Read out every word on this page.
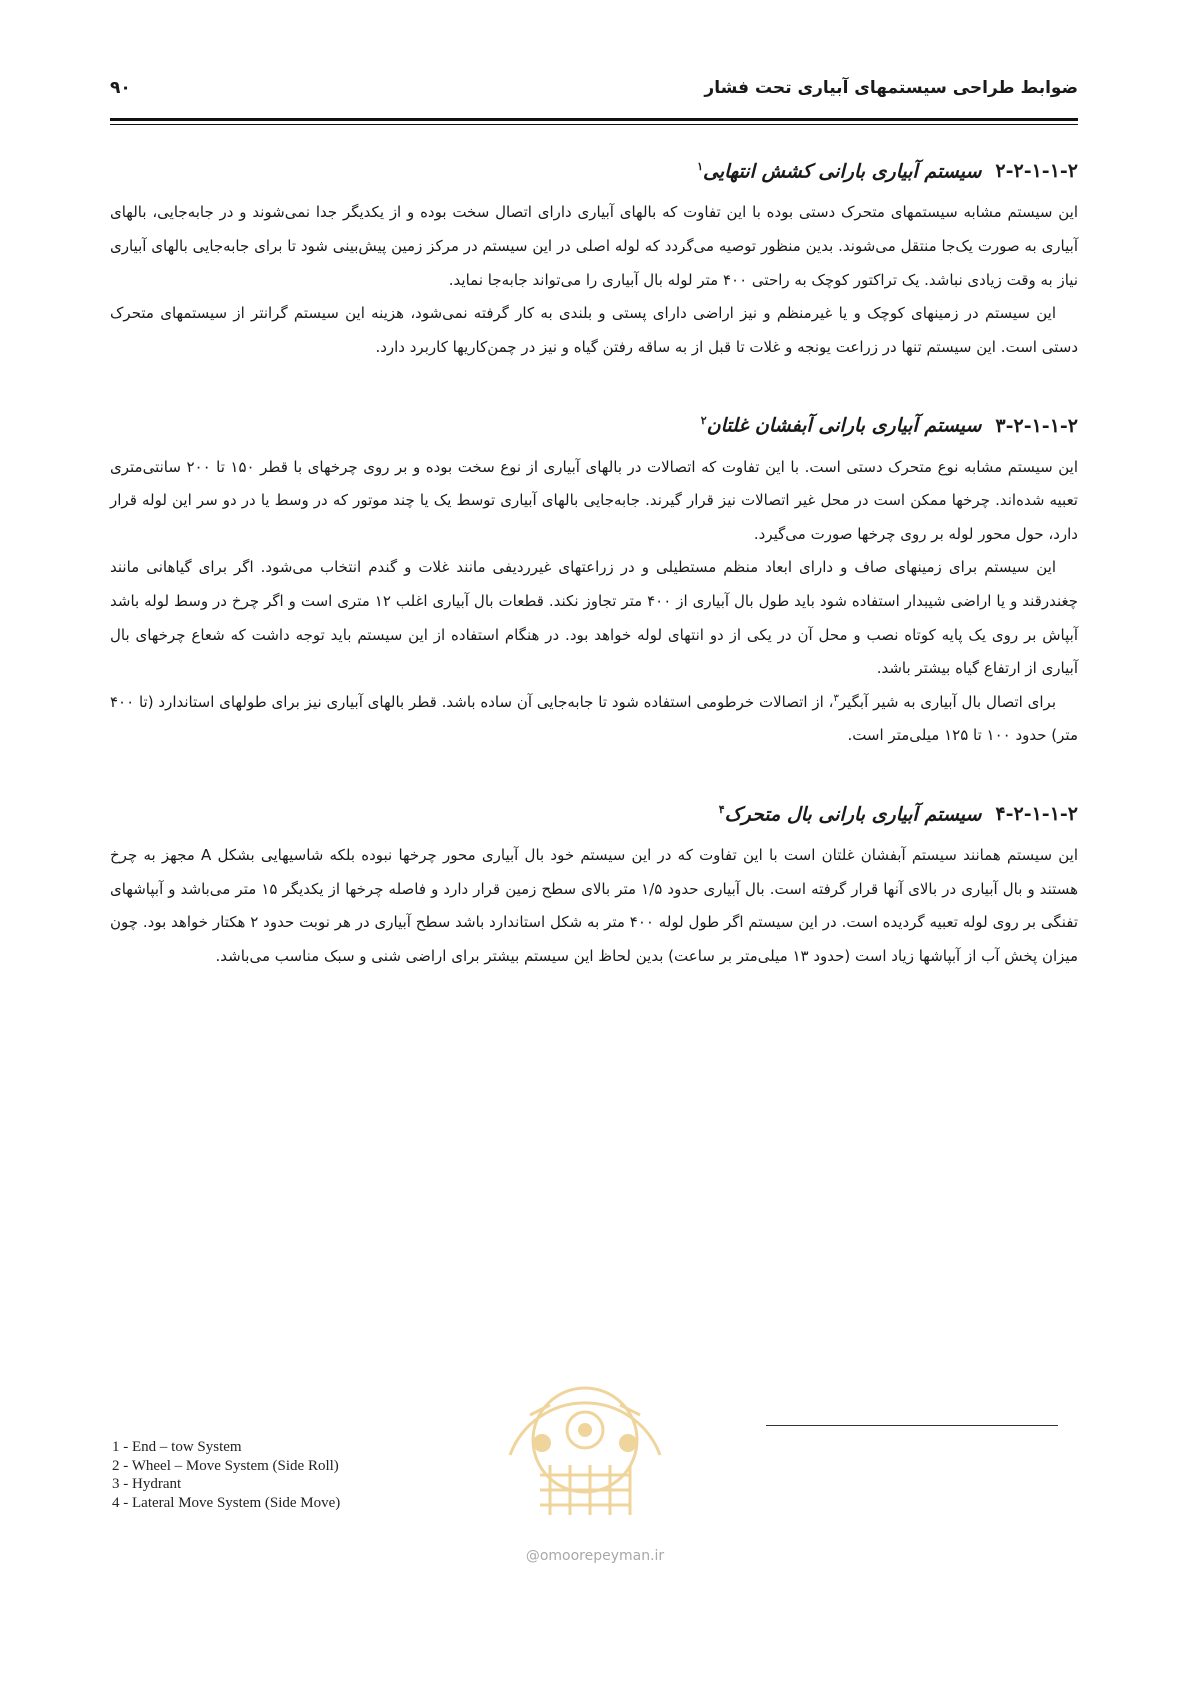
ضوابط طراحی سیستمهای آبیاری تحت فشار
۹۰
۲-۲-۱-۱-۲سیستم آبیاری بارانی کشش انتهایی$^۱$

این سیستم مشابه سیستمهای متحرک دستی بوده با این تفاوت که بالهای آبیاری دارای اتصال سخت بوده و از یکدیگر جدا نمی‌شوند و در جابه‌جایی، بالهای آبیاری به صورت یک‌جا منتقل می‌شوند. بدین منظور توصیه می‌گردد که لوله اصلی در این سیستم در مرکز زمین پیش‌بینی شود تا برای جابه‌جایی بالهای آبیاری نیاز به وقت زیادی نباشد. یک تراکتور کوچک به راحتی ۴۰۰ متر لوله بال آبیاری را می‌تواند جابه‌جا نماید.

این سیستم در زمینهای کوچک و یا غیرمنظم و نیز اراضی دارای پستی و بلندی به کار گرفته نمی‌شود، هزینه این سیستم گرانتر از سیستمهای متحرک دستی است. این سیستم تنها در زراعت یونجه و غلات تا قبل از به ساقه رفتن گیاه و نیز در چمن‌کاریها کاربرد دارد.

۳-۲-۱-۱-۲سیستم آبیاری بارانی آبفشان غلتان$^۲$

این سیستم مشابه نوع متحرک دستی است. با این تفاوت که اتصالات در بالهای آبیاری از نوع سخت بوده و بر روی چرخهای با قطر ۱۵۰ تا ۲۰۰ سانتی‌متری تعبیه شده‌اند. چرخها ممکن است در محل غیر اتصالات نیز قرار گیرند. جابه‌جایی بالهای آبیاری توسط یک یا چند موتور که در وسط یا در دو سر این لوله قرار دارد، حول محور لوله بر روی چرخها صورت می‌گیرد.

این سیستم برای زمینهای صاف و دارای ابعاد منظم مستطیلی و در زراعتهای غیرردیفی مانند غلات و گندم انتخاب می‌شود. اگر برای گیاهانی مانند چغندرقند و یا اراضی شیبدار استفاده شود باید طول بال آبیاری از ۴۰۰ متر تجاوز نکند. قطعات بال آبیاری اغلب ۱۲ متری است و اگر چرخ در وسط لوله باشد آبپاش بر روی یک پایه کوتاه نصب و محل آن در یکی از دو انتهای لوله خواهد بود. در هنگام استفاده از این سیستم باید توجه داشت که شعاع چرخهای بال آبیاری از ارتفاع گیاه بیشتر باشد.

برای اتصال بال آبیاری به شیر آبگیر$^۳$، از اتصالات خرطومی استفاده شود تا جابه‌جایی آن ساده باشد. قطر بالهای آبیاری نیز برای طولهای استاندارد (تا ۴۰۰ متر) حدود ۱۰۰ تا ۱۲۵ میلی‌متر است.

۴-۲-۱-۱-۲سیستم آبیاری بارانی بال متحرک$^۴$

این سیستم همانند سیستم آبفشان غلتان است با این تفاوت که در این سیستم خود بال آبیاری محور چرخها نبوده بلکه شاسیهایی بشکل A مجهز به چرخ هستند و بال آبیاری در بالای آنها قرار گرفته است. بال آبیاری حدود ۱/۵ متر بالای سطح زمین قرار دارد و فاصله چرخها از یکدیگر ۱۵ متر می‌باشد و آبپاشهای تفنگی بر روی لوله تعبیه گردیده است. در این سیستم اگر طول لوله ۴۰۰ متر به شکل استاندارد باشد سطح آبیاری در هر نوبت حدود ۲ هکتار خواهد بود. چون میزان پخش آب از آبپاشها زیاد است (حدود ۱۳ میلی‌متر بر ساعت) بدین لحاظ این سیستم بیشتر برای اراضی شنی و سبک مناسب می‌باشد.

@omoorepeyman.ir
1 - End – tow System
2 - Wheel – Move System (Side Roll)
3 - Hydrant
4 - Lateral Move System (Side Move)
